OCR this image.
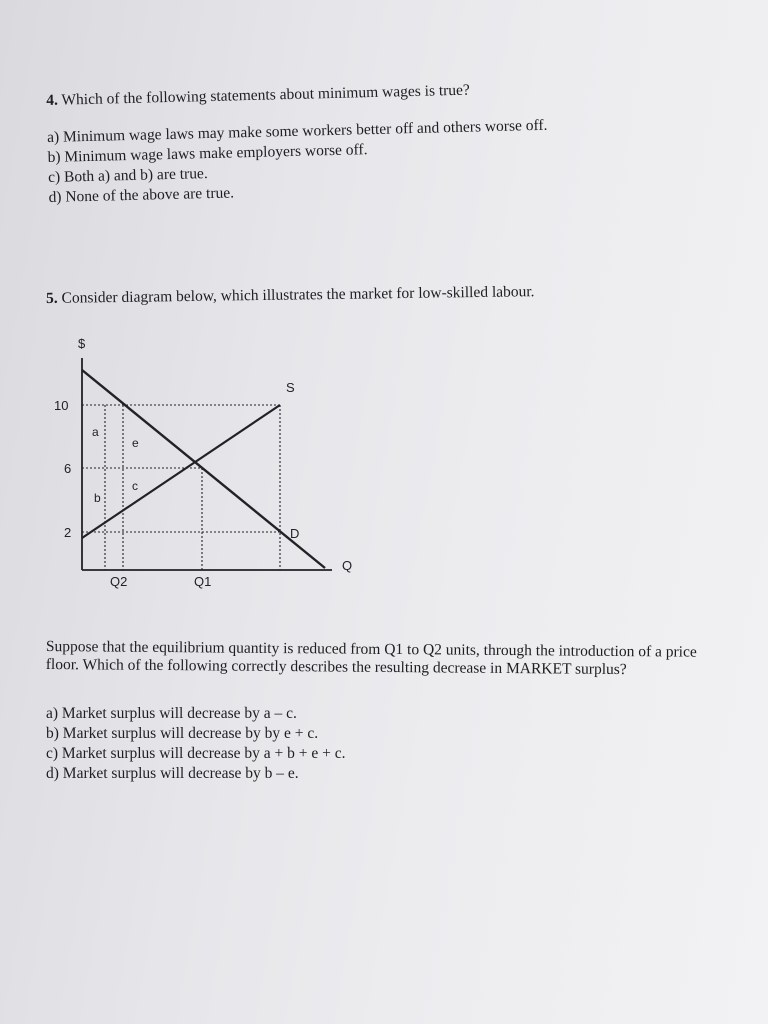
4. Which of the following statements about minimum wages is true?

a) Minimum wage laws may make some workers better off and others worse off.

b) Minimum wage laws make employers worse off.

c) Both a) and b) are true.

d) None of the above are true.

5. Consider diagram below, which illustrates the market for low-skilled labour.

$
Q
S
D
10
6
2
Q2	Q1
a
e
b
c

Suppose that the equilibrium quantity is reduced from Q1 to Q2 units, through the introduction of a price floor. Which of the following correctly describes the resulting decrease in MARKET surplus?

a) Market surplus will decrease by a – c.

b) Market surplus will decrease by by e + c.

c) Market surplus will decrease by a + b + e + c.

d) Market surplus will decrease by b – e.
